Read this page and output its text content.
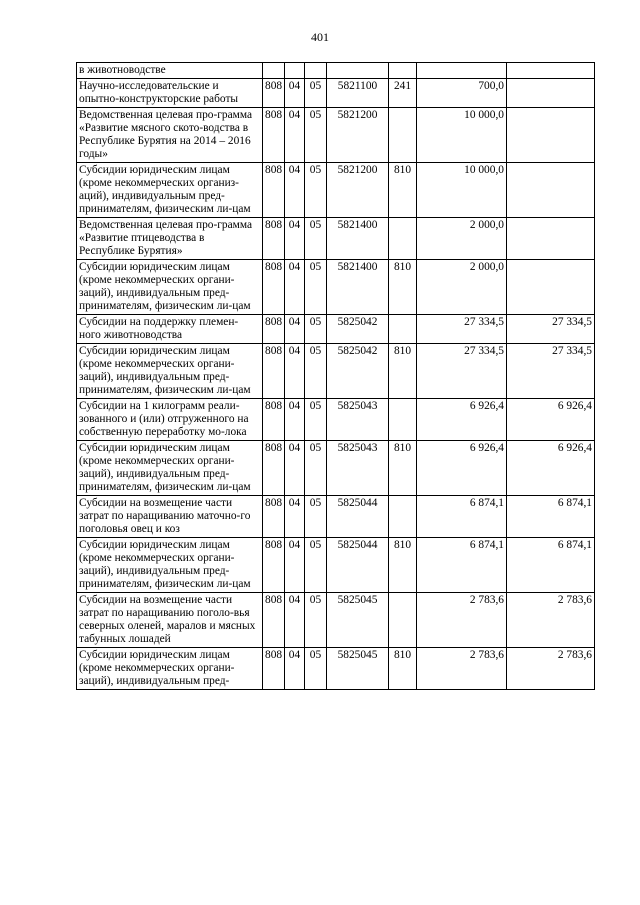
401
в животноводстве							
Научно-исследовательские и опытно-конструкторские работы	808	04	05	5821100	241	700,0	
Ведомственная целевая про-грамма «Развитие мясного ското-водства в Республике Бурятия на 2014 – 2016 годы»	808	04	05	5821200		10 000,0	
Субсидии юридическим лицам (кроме некоммерческих организ-аций), индивидуальным пред-принимателям, физическим ли-цам	808	04	05	5821200	810	10 000,0	
Ведомственная целевая про-грамма «Развитие птицеводства в Республике Бурятия»	808	04	05	5821400		2 000,0	
Субсидии юридическим лицам (кроме некоммерческих органи-заций), индивидуальным пред-принимателям, физическим ли-цам	808	04	05	5821400	810	2 000,0	
Субсидии на поддержку племен-ного животноводства	808	04	05	5825042		27 334,5	27 334,5
Субсидии юридическим лицам (кроме некоммерческих органи-заций), индивидуальным пред-принимателям, физическим ли-цам	808	04	05	5825042	810	27 334,5	27 334,5
Субсидии на 1 килограмм реали-зованного и (или) отгруженного на собственную переработку мо-лока	808	04	05	5825043		6 926,4	6 926,4
Субсидии юридическим лицам (кроме некоммерческих органи-заций), индивидуальным пред-принимателям, физическим ли-цам	808	04	05	5825043	810	6 926,4	6 926,4
Субсидии на возмещение части затрат по наращиванию маточно-го поголовья овец и коз	808	04	05	5825044		6 874,1	6 874,1
Субсидии юридическим лицам (кроме некоммерческих органи-заций), индивидуальным пред-принимателям, физическим ли-цам	808	04	05	5825044	810	6 874,1	6 874,1
Субсидии на возмещение части затрат по наращиванию поголо-вья северных оленей, маралов и мясных табунных лошадей	808	04	05	5825045		2 783,6	2 783,6
Субсидии юридическим лицам (кроме некоммерческих органи-заций), индивидуальным пред-	808	04	05	5825045	810	2 783,6	2 783,6
